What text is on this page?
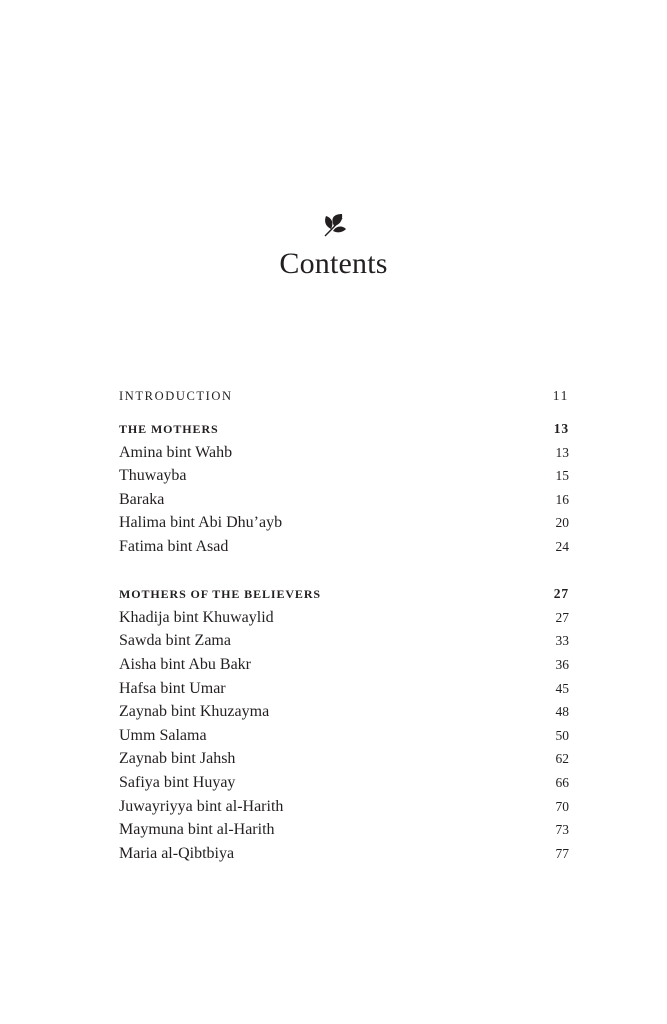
Contents
INTRODUCTION	11
THE MOTHERS	13
Amina bint Wahb	13
Thuwayba	15
Baraka	16
Halima bint Abi Dhu’ayb	20
Fatima bint Asad	24
MOTHERS OF THE BELIEVERS	27
Khadija bint Khuwaylid	27
Sawda bint Zama	33
Aisha bint Abu Bakr	36
Hafsa bint Umar	45
Zaynab bint Khuzayma	48
Umm Salama	50
Zaynab bint Jahsh	62
Safiya bint Huyay	66
Juwayriyya bint al-Harith	70
Maymuna bint al-Harith	73
Maria al-Qibtbiya	77
